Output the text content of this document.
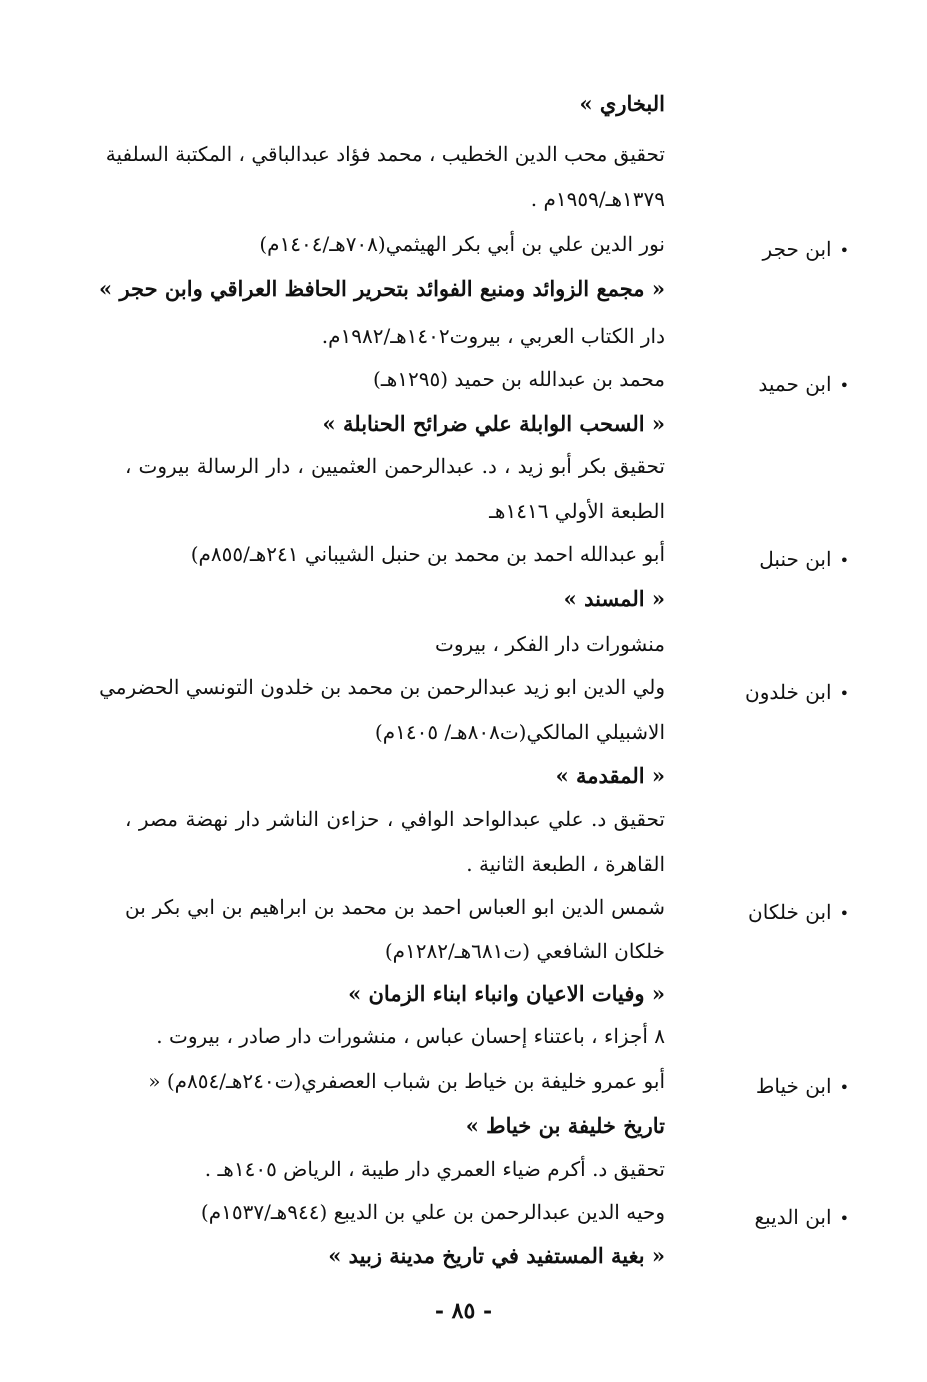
البخاري »
تحقيق محب الدين الخطيب ، محمد فؤاد عبدالباقي ، المكتبة السلفية
١٣٧٩هـ/١٩٥٩م .
•ابن حجر
نور الدين علي بن أبي بكر الهيثمي(٧٠٨هـ/١٤٠٤م)
« مجمع الزوائد ومنبع الفوائد بتحرير الحافظ العراقي وابن حجر »
دار الكتاب العربي ، بيروت١٤٠٢هـ/١٩٨٢م.
•ابن حميد
محمد بن عبدالله بن حميد (١٢٩٥هـ)
« السحب الوابلة علي ضرائح الحنابلة »
تحقيق بكر أبو زيد ، د. عبدالرحمن العثميين ، دار الرسالة بيروت ،
الطبعة الأولي ١٤١٦هـ
•ابن حنبل
أبو عبدالله احمد بن محمد بن حنبل الشيباني ٢٤١هـ/٨٥٥م)
« المسند »
منشورات دار الفكر ، بيروت
•ابن خلدون
ولي الدين ابو زيد عبدالرحمن بن محمد بن خلدون التونسي الحضرمي
الاشبيلي المالكي(ت٨٠٨هـ/ ١٤٠٥م)
« المقدمة »
تحقيق د. علي عبدالواحد الوافي ، حزاءن الناشر دار نهضة مصر ،
القاهرة ، الطبعة الثانية .
•ابن خلكان
شمس الدين ابو العباس احمد بن محمد بن ابراهيم بن ابي بكر بن
خلكان الشافعي (ت٦٨١هـ/١٢٨٢م)
« وفيات الاعيان وانباء ابناء الزمان »
٨ أجزاء ، باعتناء إحسان عباس ، منشورات دار صادر ، بيروت .
•ابن خياط
أبو عمرو خليفة بن خياط بن شباب العصفري(ت٢٤٠هـ/٨٥٤م) «
تاريخ خليفة بن خياط »
تحقيق د. أكرم ضياء العمري دار طيبة ، الرياض ١٤٠٥هـ .
•ابن الديبع
وحيه الدين عبدالرحمن بن علي بن الديبع (٩٤٤هـ/١٥٣٧م)
« بغية المستفيد في تاريخ مدينة زبيد »
- ٨٥ -
